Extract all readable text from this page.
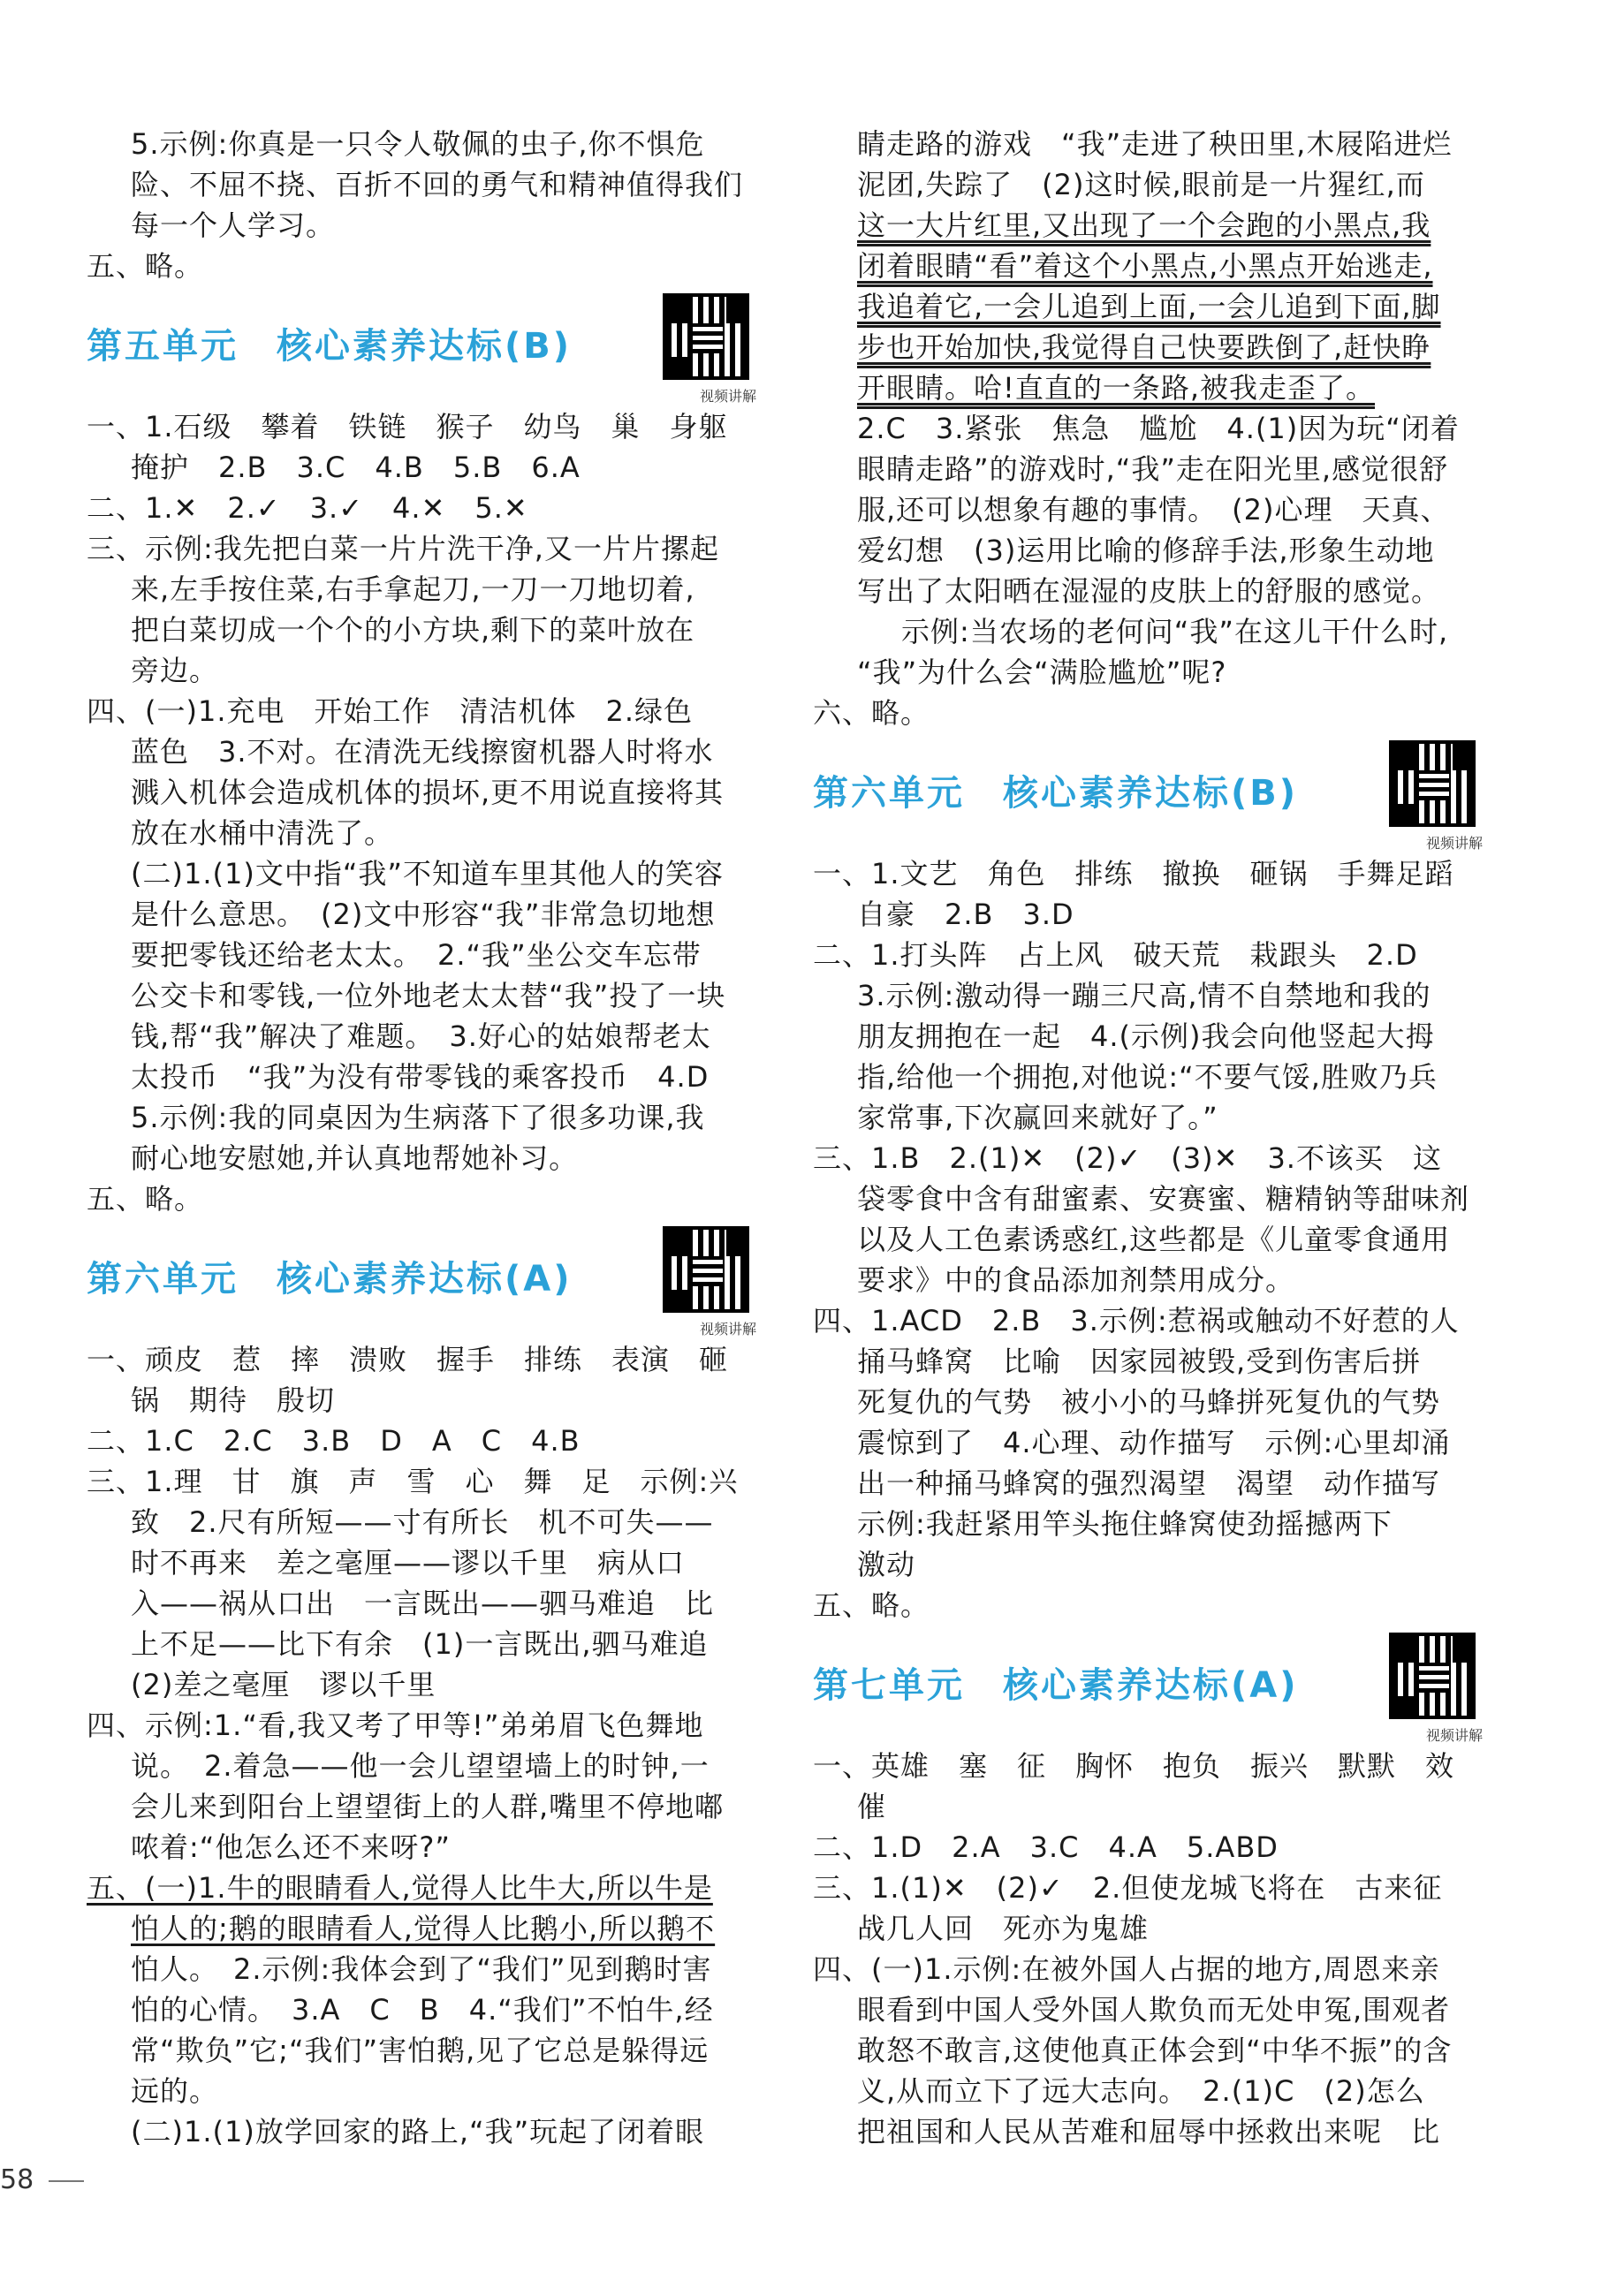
5.示例:你真是一只令人敬佩的虫子,你不惧危

险、不屈不挠、百折不回的勇气和精神值得我们

每一个人学习。

五、略。

第五单元　核心素养达标(B)
视频讲解

一、1.石级　攀着　铁链　猴子　幼鸟　巢　身躯

掩护　2.B　3.C　4.B　5.B　6.A

二、1.✕　2.✓　3.✓　4.✕　5.✕

三、示例:我先把白菜一片片洗干净,又一片片摞起

来,左手按住菜,右手拿起刀,一刀一刀地切着,

把白菜切成一个个的小方块,剩下的菜叶放在

旁边。

四、(一)1.充电　开始工作　清洁机体　2.绿色

蓝色　3.不对。在清洗无线擦窗机器人时将水

溅入机体会造成机体的损坏,更不用说直接将其

放在水桶中清洗了。

(二)1.(1)文中指“我”不知道车里其他人的笑容

是什么意思。　(2)文中形容“我”非常急切地想

要把零钱还给老太太。　2.“我”坐公交车忘带

公交卡和零钱,一位外地老太太替“我”投了一块

钱,帮“我”解决了难题。　3.好心的姑娘帮老太

太投币　“我”为没有带零钱的乘客投币　4.D

5.示例:我的同桌因为生病落下了很多功课,我

耐心地安慰她,并认真地帮她补习。

五、略。

第六单元　核心素养达标(A)
视频讲解

一、顽皮　惹　摔　溃败　握手　排练　表演　砸

锅　期待　殷切

二、1.C　2.C　3.B　D　A　C　4.B

三、1.理　甘　旗　声　雪　心　舞　足　示例:兴

致　2.尺有所短——寸有所长　机不可失——

时不再来　差之毫厘——谬以千里　病从口

入——祸从口出　一言既出——驷马难追　比

上不足——比下有余　(1)一言既出,驷马难追

(2)差之毫厘　谬以千里

四、示例:1.“看,我又考了甲等!”弟弟眉飞色舞地

说。　2.着急——他一会儿望望墙上的时钟,一

会儿来到阳台上望望街上的人群,嘴里不停地嘟

哝着:“他怎么还不来呀?”

五、(一)1.牛的眼睛看人,觉得人比牛大,所以牛是

怕人的;鹅的眼睛看人,觉得人比鹅小,所以鹅不

怕人。　2.示例:我体会到了“我们”见到鹅时害

怕的心情。　3.A　C　B　4.“我们”不怕牛,经

常“欺负”它;“我们”害怕鹅,见了它总是躲得远

远的。

(二)1.(1)放学回家的路上,“我”玩起了闭着眼

睛走路的游戏　“我”走进了秧田里,木屐陷进烂

泥团,失踪了　(2)这时候,眼前是一片猩红,而

这一大片红里,又出现了一个会跑的小黑点,我

闭着眼睛“看”着这个小黑点,小黑点开始逃走,

我追着它,一会儿追到上面,一会儿追到下面,脚

步也开始加快,我觉得自己快要跌倒了,赶快睁

开眼睛。哈!直直的一条路,被我走歪了。

2.C　3.紧张　焦急　尴尬　4.(1)因为玩“闭着

眼睛走路”的游戏时,“我”走在阳光里,感觉很舒

服,还可以想象有趣的事情。　(2)心理　天真、

爱幻想　(3)运用比喻的修辞手法,形象生动地

写出了太阳晒在湿湿的皮肤上的舒服的感觉。

示例:当农场的老何问“我”在这儿干什么时,

“我”为什么会“满脸尴尬”呢?

六、略。

第六单元　核心素养达标(B)
视频讲解

一、1.文艺　角色　排练　撤换　砸锅　手舞足蹈

自豪　2.B　3.D

二、1.打头阵　占上风　破天荒　栽跟头　2.D

3.示例:激动得一蹦三尺高,情不自禁地和我的

朋友拥抱在一起　4.(示例)我会向他竖起大拇

指,给他一个拥抱,对他说:“不要气馁,胜败乃兵

家常事,下次赢回来就好了。”

三、1.B　2.(1)✕　(2)✓　(3)✕　3.不该买　这

袋零食中含有甜蜜素、安赛蜜、糖精钠等甜味剂

以及人工色素诱惑红,这些都是《儿童零食通用

要求》中的食品添加剂禁用成分。

四、1.ACD　2.B　3.示例:惹祸或触动不好惹的人

捅马蜂窝　比喻　因家园被毁,受到伤害后拼

死复仇的气势　被小小的马蜂拼死复仇的气势

震惊到了　4.心理、动作描写　示例:心里却涌

出一种捅马蜂窝的强烈渴望　渴望　动作描写

示例:我赶紧用竿头拖住蜂窝使劲摇撼两下

激动

五、略。

第七单元　核心素养达标(A)
视频讲解

一、英雄　塞　征　胸怀　抱负　振兴　默默　效

催

二、1.D　2.A　3.C　4.A　5.ABD

三、1.(1)✕　(2)✓　2.但使龙城飞将在　古来征

战几人回　死亦为鬼雄

四、(一)1.示例:在被外国人占据的地方,周恩来亲

眼看到中国人受外国人欺负而无处申冤,围观者

敢怒不敢言,这使他真正体会到“中华不振”的含

义,从而立下了远大志向。　2.(1)C　(2)怎么

把祖国和人民从苦难和屈辱中拯救出来呢　比

58
